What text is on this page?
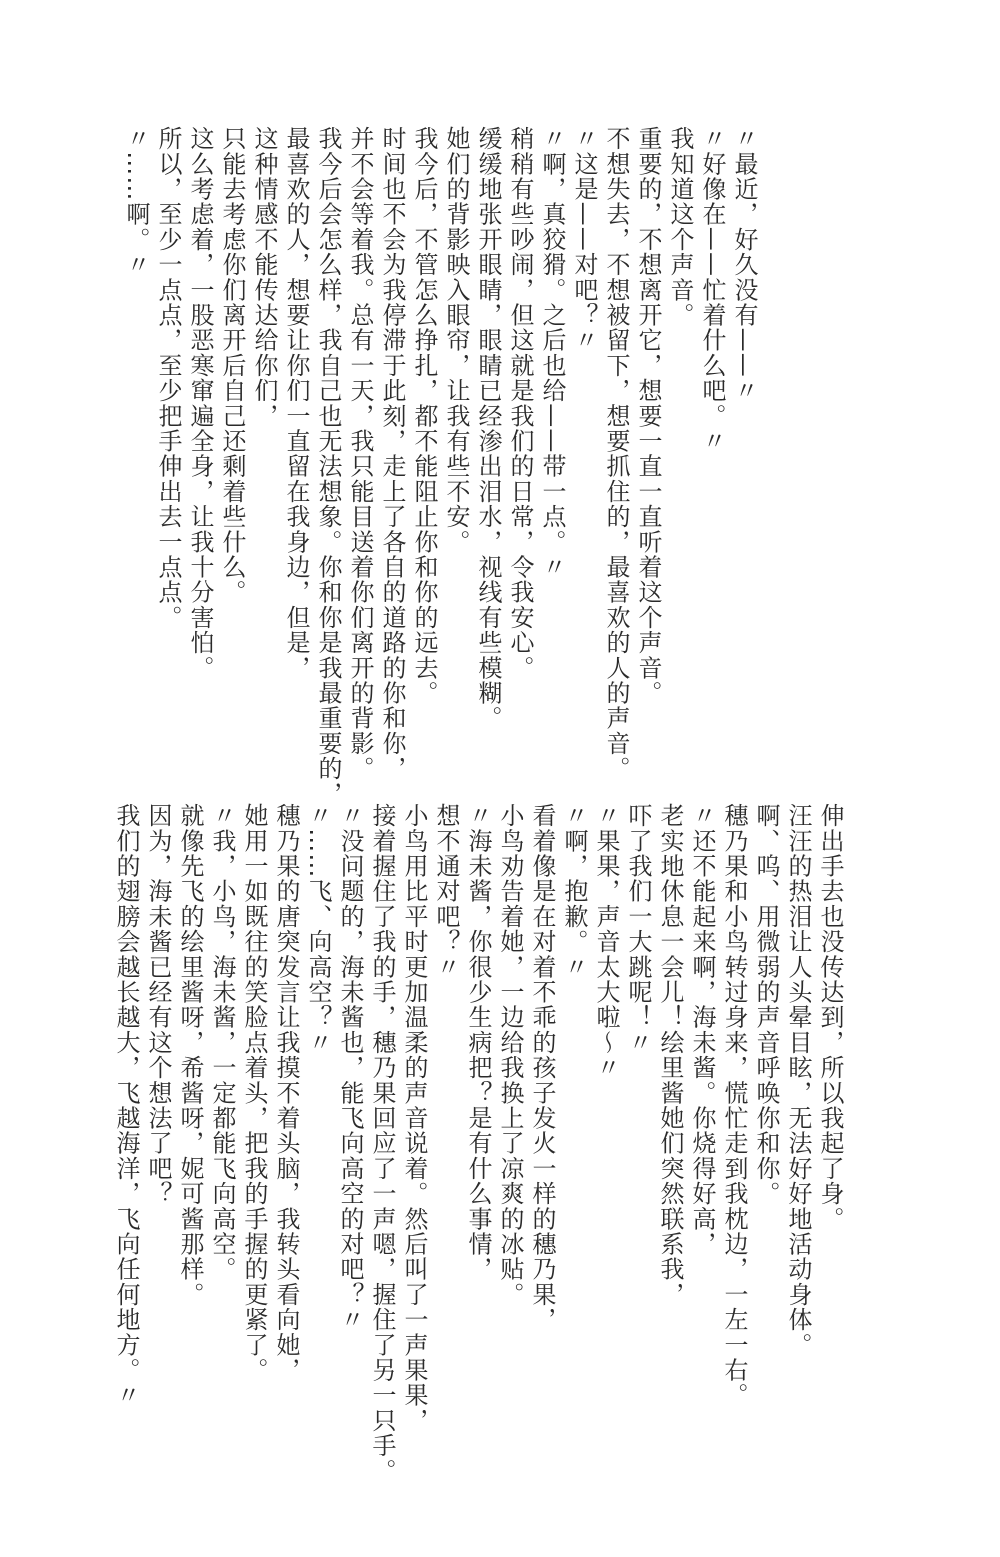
〃最近，好久没有——〃
〃好像在——忙着什么吧。〃
我知道这个声音。
重要的，不想离开它，想要一直一直听着这个声音。
不想失去，不想被留下，想要抓住的，最喜欢的人的声音。
〃这是——对吧？〃
〃啊，真狡猾。之后也给——带一点。〃
稍稍有些吵闹，但这就是我们的日常，令我安心。
缓缓地张开眼睛，眼睛已经渗出泪水，视线有些模糊。
她们的背影映入眼帘，让我有些不安。
我今后，不管怎么挣扎，都不能阻止你和你的远去。
时间也不会为我停滞于此刻，走上了各自的道路的你和你，
并不会等着我。总有一天，我只能目送着你们离开的背影。
我今后会怎么样，我自己也无法想象。你和你是我最重要的，
最喜欢的人，想要让你们一直留在我身边，但是，
这种情感不能传达给你们，
只能去考虑你们离开后自己还剩着些什么。
这么考虑着，一股恶寒窜遍全身，让我十分害怕。
所以，至少一点点，至少把手伸出去一点点。
〃……啊。〃
伸出手去也没传达到，所以我起了身。
汪汪的热泪让人头晕目眩，无法好好地活动身体。
啊、呜、用微弱的声音呼唤你和你。
穗乃果和小鸟转过身来，慌忙走到我枕边，一左一右。
〃还不能起来啊，海未酱。你烧得好高，
老实地休息一会儿！绘里酱她们突然联系我，
吓了我们一大跳呢！〃
〃果果，声音太大啦～〃
〃啊，抱歉。〃
看着像是在对着不乖的孩子发火一样的穗乃果，
小鸟劝告着她，一边给我换上了凉爽的冰贴。
〃海未酱，你很少生病把？是有什么事情，
想不通对吧？〃
小鸟用比平时更加温柔的声音说着。然后叫了一声果果，
接着握住了我的手，穗乃果回应了一声嗯，握住了另一只手。
〃没问题的，海未酱也，能飞向高空的对吧？〃
〃……飞、向高空？〃
穗乃果的唐突发言让我摸不着头脑，我转头看向她，
她用一如既往的笑脸点着头，把我的手握的更紧了。
〃我，小鸟，海未酱，一定都能飞向高空。
就像先飞的绘里酱呀，希酱呀，妮可酱那样。
因为，海未酱已经有这个想法了吧？
我们的翅膀会越长越大，飞越海洋，飞向任何地方。〃
